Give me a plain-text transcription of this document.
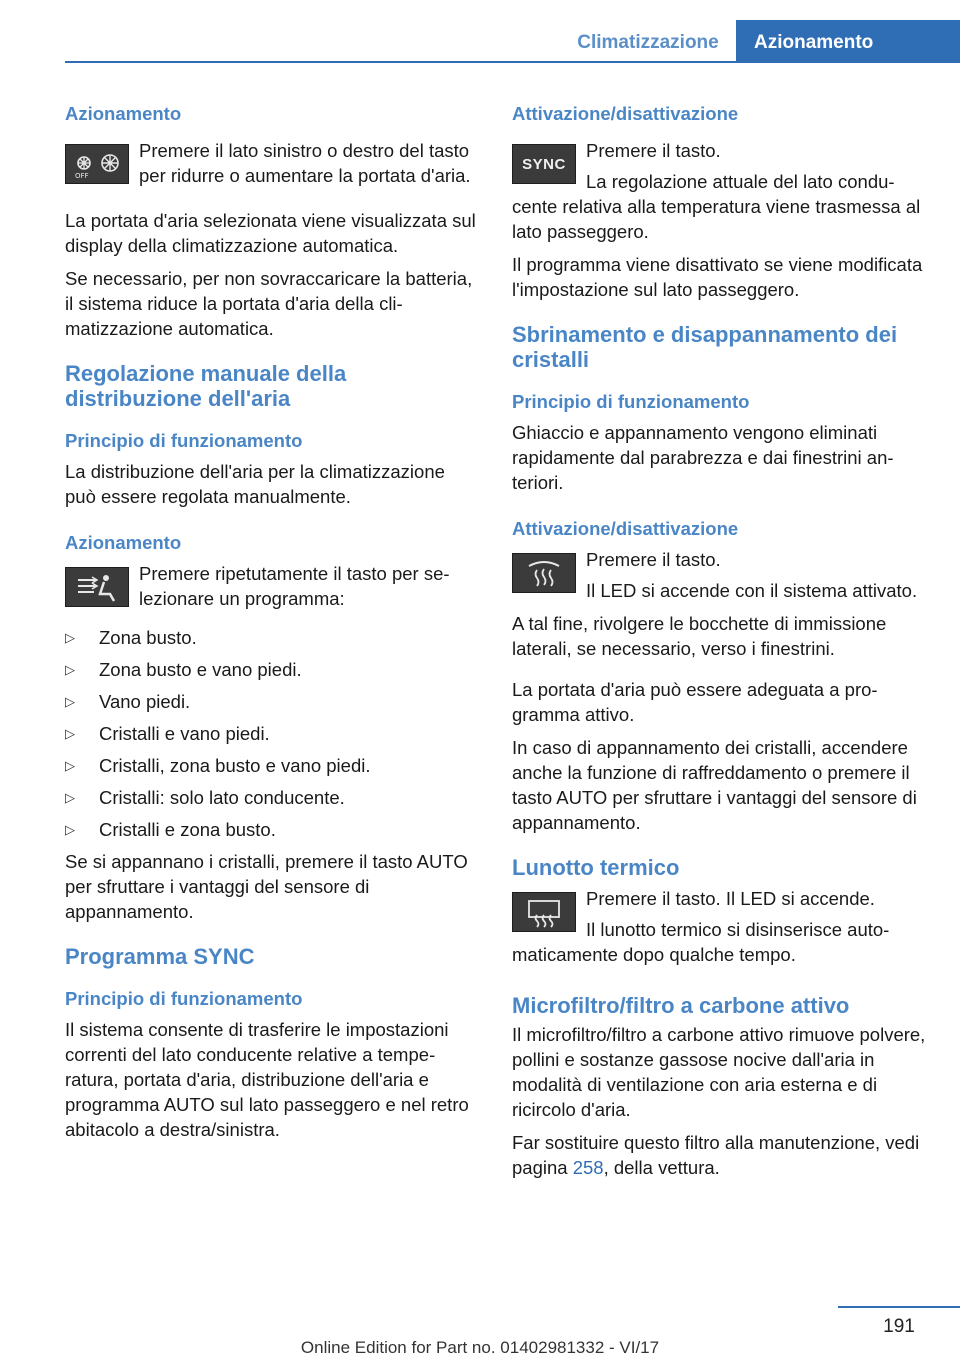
Climatizzazione	Azionamento
Azionamento
OFF

Premere il lato sinistro o destro del tasto per ridurre o aumentare la portata d'aria.

La portata d'aria selezionata viene visualizzata sul display della climatizzazione automatica.

Se necessario, per non sovraccaricare la batteria, il sistema riduce la portata d'aria della climatizzazione automatica.

Regolazione manuale della distribuzione dell'aria
Principio di funzionamento

La distribuzione dell'aria per la climatizzazione può essere regolata manualmente.

Azionamento

Premere ripetutamente il tasto per selezionare un programma:

▷ Zona busto.
▷ Zona busto e vano piedi.
▷ Vano piedi.
▷ Cristalli e vano piedi.
▷ Cristalli, zona busto e vano piedi.
▷ Cristalli: solo lato conducente.
▷ Cristalli e zona busto.

Se si appannano i cristalli, premere il tasto AUTO per sfruttare i vantaggi del sensore di appannamento.

Programma SYNC
Principio di funzionamento

Il sistema consente di trasferire le impostazioni correnti del lato conducente relative a temperatura, portata d'aria, distribuzione dell'aria e programma AUTO sul lato passeggero e nel retro abitacolo a destra/sinistra.

Attivazione/disattivazione
SYNC

Premere il tasto.

La regolazione attuale del lato conducente relativa alla temperatura viene trasmessa al lato passeggero.

Il programma viene disattivato se viene modificata l'impostazione sul lato passeggero.

Sbrinamento e disappannamento dei cristalli
Principio di funzionamento

Ghiaccio e appannamento vengono eliminati rapidamente dal parabrezza e dai finestrini anteriori.

Attivazione/disattivazione

Premere il tasto.

Il LED si accende con il sistema attivato.

A tal fine, rivolgere le bocchette di immissione laterali, se necessario, verso i finestrini.

La portata d'aria può essere adeguata a programma attivo.

In caso di appannamento dei cristalli, accendere anche la funzione di raffreddamento o premere il tasto AUTO per sfruttare i vantaggi del sensore di appannamento.

Lunotto termico

Premere il tasto. Il LED si accende.

Il lunotto termico si disinserisce automaticamente dopo qualche tempo.

Microfiltro/filtro a carbone attivo

Il microfiltro/filtro a carbone attivo rimuove polvere, pollini e sostanze gassose nocive dall'aria in modalità di ventilazione con aria esterna e di ricircolo d'aria.

Far sostituire questo filtro alla manutenzione, vedi pagina 258, della vettura.

191
Online Edition for Part no. 01402981332 - VI/17
